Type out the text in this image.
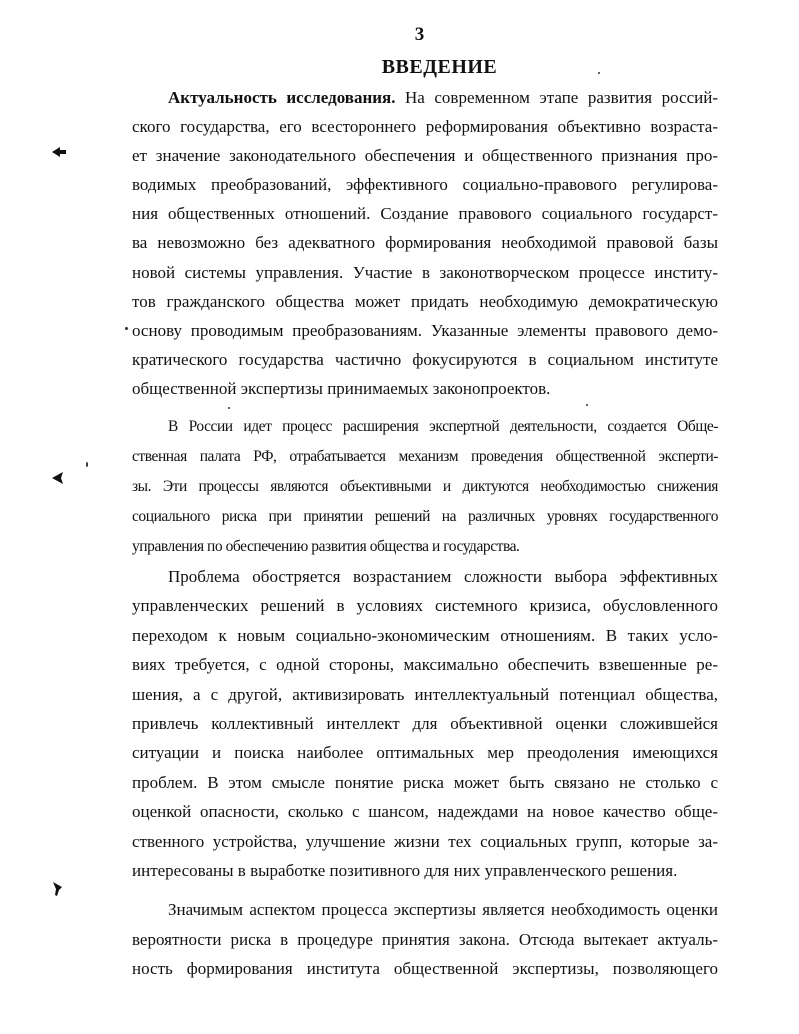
3
ВВЕДЕНИЕ
Актуальность исследования. На современном этапе развития россий-
ского государства, его всестороннего реформирования объективно возраста-
ет значение законодательного обеспечения и общественного признания про-
водимых преобразований, эффективного социально-правового регулирова-
ния общественных отношений. Создание правового социального государст-
ва невозможно без адекватного формирования необходимой правовой базы
новой системы управления. Участие в законотворческом процессе институ-
тов гражданского общества может придать необходимую демократическую
основу проводимым преобразованиям. Указанные элементы правового демо-
кратического государства частично фокусируются в социальном институте
общественной экспертизы принимаемых законопроектов.
В России идет процесс расширения экспертной деятельности, создается Обще-
ственная палата РФ, отрабатывается механизм проведения общественной эксперти-
зы. Эти процессы являются объективными и диктуются необходимостью снижения
социального риска при принятии решений на различных уровнях государственного
управления по обеспечению развития общества и государства.
Проблема обостряется возрастанием сложности выбора эффективных
управленческих решений в условиях системного кризиса, обусловленного
переходом к новым социально-экономическим отношениям. В таких усло-
виях требуется, с одной стороны, максимально обеспечить взвешенные ре-
шения, а с другой, активизировать интеллектуальный потенциал общества,
привлечь коллективный интеллект для объективной оценки сложившейся
ситуации и поиска наиболее оптимальных мер преодоления имеющихся
проблем. В этом смысле понятие риска может быть связано не столько с
оценкой опасности, сколько с шансом, надеждами на новое качество обще-
ственного устройства, улучшение жизни тех социальных групп, которые за-
интересованы в выработке позитивного для них управленческого решения.
Значимым аспектом процесса экспертизы является необходимость оценки
вероятности риска в процедуре принятия закона. Отсюда вытекает актуаль-
ность формирования института общественной экспертизы, позволяющего
